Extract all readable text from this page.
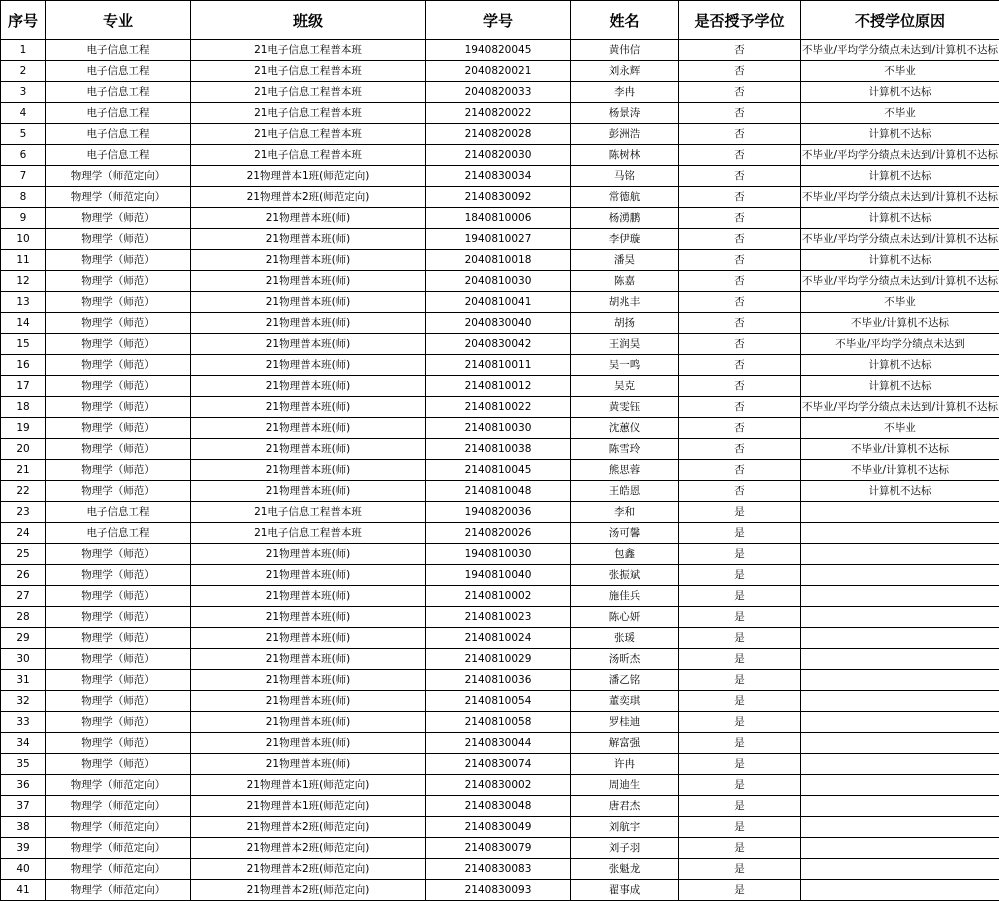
序号	专业	班级	学号	姓名	是否授予学位	不授学位原因
1	电子信息工程	21电子信息工程普本班	1940820045	黄伟信	否	不毕业/平均学分绩点未达到/计算机不达标
2	电子信息工程	21电子信息工程普本班	2040820021	刘永辉	否	不毕业
3	电子信息工程	21电子信息工程普本班	2040820033	李冉	否	计算机不达标
4	电子信息工程	21电子信息工程普本班	2140820022	杨景涛	否	不毕业
5	电子信息工程	21电子信息工程普本班	2140820028	彭洲浩	否	计算机不达标
6	电子信息工程	21电子信息工程普本班	2140820030	陈树林	否	不毕业/平均学分绩点未达到/计算机不达标
7	物理学（师范定向）	21物理普本1班(师范定向)	2140830034	马铭	否	计算机不达标
8	物理学（师范定向）	21物理普本2班(师范定向)	2140830092	常德航	否	不毕业/平均学分绩点未达到/计算机不达标
9	物理学（师范）	21物理普本班(师)	1840810006	杨湧鹏	否	计算机不达标
10	物理学（师范）	21物理普本班(师)	1940810027	李伊璇	否	不毕业/平均学分绩点未达到/计算机不达标
11	物理学（师范）	21物理普本班(师)	2040810018	潘昊	否	计算机不达标
12	物理学（师范）	21物理普本班(师)	2040810030	陈嘉	否	不毕业/平均学分绩点未达到/计算机不达标
13	物理学（师范）	21物理普本班(师)	2040810041	胡兆丰	否	不毕业
14	物理学（师范）	21物理普本班(师)	2040830040	胡扬	否	不毕业/计算机不达标
15	物理学（师范）	21物理普本班(师)	2040830042	王润昊	否	不毕业/平均学分绩点未达到
16	物理学（师范）	21物理普本班(师)	2140810011	吴一鸣	否	计算机不达标
17	物理学（师范）	21物理普本班(师)	2140810012	吴克	否	计算机不达标
18	物理学（师范）	21物理普本班(师)	2140810022	黄雯钰	否	不毕业/平均学分绩点未达到/计算机不达标
19	物理学（师范）	21物理普本班(师)	2140810030	沈蕙仪	否	不毕业
20	物理学（师范）	21物理普本班(师)	2140810038	陈雪玲	否	不毕业/计算机不达标
21	物理学（师范）	21物理普本班(师)	2140810045	熊思蓉	否	不毕业/计算机不达标
22	物理学（师范）	21物理普本班(师)	2140810048	王皓恩	否	计算机不达标
23	电子信息工程	21电子信息工程普本班	1940820036	李和	是	
24	电子信息工程	21电子信息工程普本班	2140820026	汤可馨	是	
25	物理学（师范）	21物理普本班(师)	1940810030	包鑫	是	
26	物理学（师范）	21物理普本班(师)	1940810040	张振斌	是	
27	物理学（师范）	21物理普本班(师)	2140810002	施佳兵	是	
28	物理学（师范）	21物理普本班(师)	2140810023	陈心妍	是	
29	物理学（师范）	21物理普本班(师)	2140810024	张瑗	是	
30	物理学（师范）	21物理普本班(师)	2140810029	汤昕杰	是	
31	物理学（师范）	21物理普本班(师)	2140810036	潘乙铭	是	
32	物理学（师范）	21物理普本班(师)	2140810054	董奕琪	是	
33	物理学（师范）	21物理普本班(师)	2140810058	罗桂迪	是	
34	物理学（师范）	21物理普本班(师)	2140830044	解富强	是	
35	物理学（师范）	21物理普本班(师)	2140830074	许冉	是	
36	物理学（师范定向）	21物理普本1班(师范定向)	2140830002	周迪生	是	
37	物理学（师范定向）	21物理普本1班(师范定向)	2140830048	唐君杰	是	
38	物理学（师范定向）	21物理普本2班(师范定向)	2140830049	刘航宇	是	
39	物理学（师范定向）	21物理普本2班(师范定向)	2140830079	刘子羽	是	
40	物理学（师范定向）	21物理普本2班(师范定向)	2140830083	张魁龙	是	
41	物理学（师范定向）	21物理普本2班(师范定向)	2140830093	翟事成	是	
